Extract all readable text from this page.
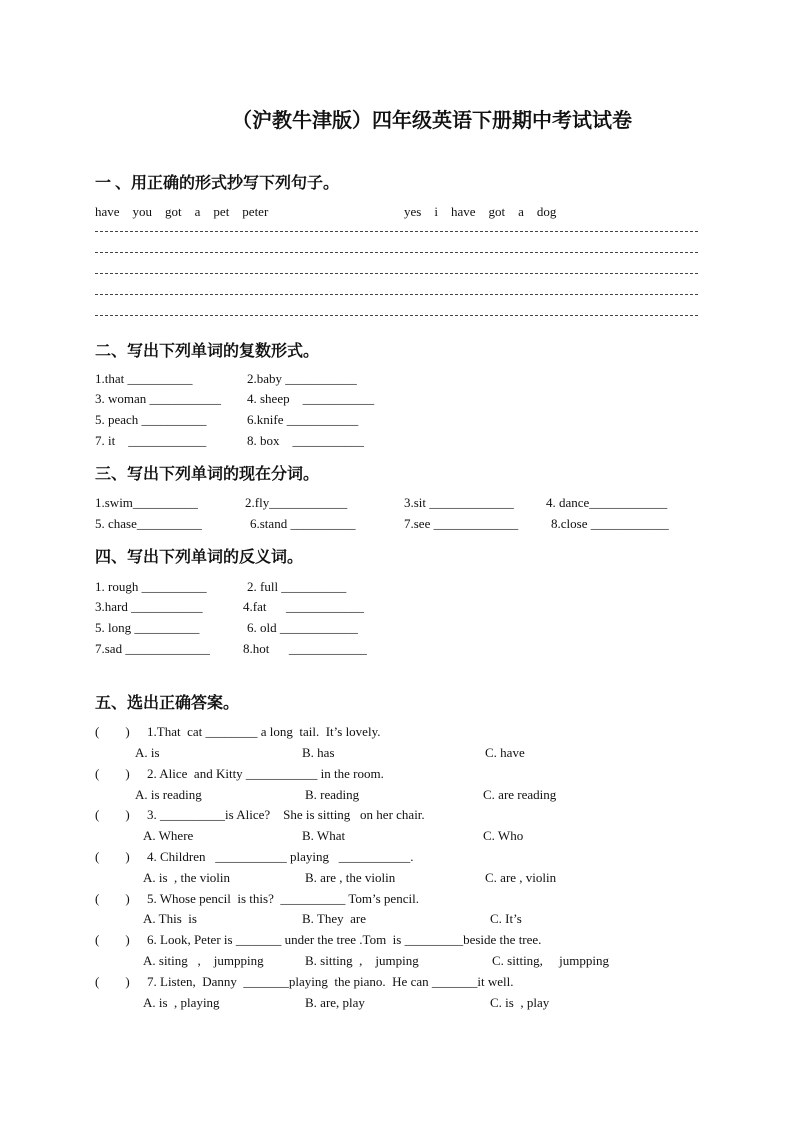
（沪教牛津版）四年级英语下册期中考试试卷
一 、用正确的形式抄写下列句子。
have    you    got    a    pet    peter	yes    i    have    got    a    dog
二、写出下列单词的复数形式。
1.that __________	2.baby ___________
3. woman ___________ 4. sheep    ___________
5. peach __________	6.knife ___________
7. it    ____________	8. box    ___________
三、写出下列单词的现在分词。
1.swim__________	2.fly____________	3.sit _____________ 4. dance____________
5. chase__________	6.stand __________	7.see _____________	8.close ____________
四、写出下列单词的反义词。
1. rough __________	2. full __________
3.hard ___________	4.fat      ____________
5. long __________	6. old ____________
7.sad _____________	8.hot      ____________
五、选出正确答案。
(        ) 1.That  cat ________ a long  tail.  It’s lovely.
A. is	B. has	C. have
(        ) 2. Alice  and Kitty ___________ in the room.
A. is reading	B. reading	C. are reading
(        ) 3. __________is Alice?    She is sitting   on her chair.
A. Where	B. What	C. Who
(        ) 4. Children   ___________ playing   ___________.
A. is  , the violin	B. are , the violin	C. are , violin
(        ) 5. Whose pencil  is this?  __________ Tom’s pencil.
A. This  is	B. They  are	C. It’s
(        ) 6. Look, Peter is _______ under the tree .Tom  is _________beside the tree.
A. siting   ,    jumpping	B. sitting  ,    jumping	C. sitting,     jumpping
(        ) 7. Listen,  Danny  _______playing  the piano.  He can _______it well.
A. is  , playing	B. are, play	C. is  , play
